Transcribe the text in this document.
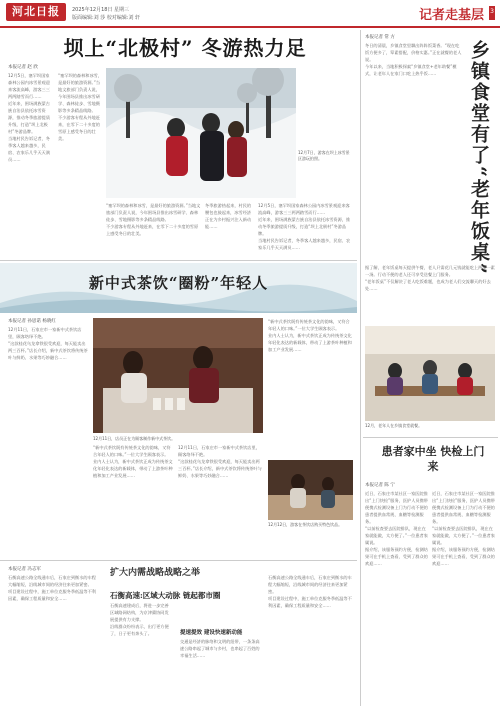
河北日报	2025年12月18日 星期三
版面编辑:刘 莎 校对编辑:刘 轩	记者走基层 3
坝上“北极村” 冬游热力足
本报记者 赵 欣
12月5日，塞罕坝国家森林公园内冰雪景观迎来客流高峰，游客三三两两踏雪而行……
近年来，围场满族蒙古族自治县依托冰雪资源，推动冬季旅游提质升级，打造“坝上北极村”冬游品牌。
当地村民告诉记者，冬季客人越来越多，民宿、农家乐几乎天天满员……
“塞罕坝的森林和冰雪，是最好的旅游资源。”当地文旅部门负责人说，今年围场县推出冰雪研学、森林徒步、雪地摄影等多条精品线路。
不少游客专程从外地赶来，在零下二十多度的雪原上感受冬日的壮美。
12月7日，游客在坝上冰雪景区游玩拍照。
“塞罕坝的森林和冰雪，是最好的旅游资源。”当地文旅部门负责人说，今年围场县推出冰雪研学、森林徒步、雪地摄影等多条精品线路。
不少游客专程从外地赶来，在零下二十多度的雪原上感受冬日的壮美。
冬季旅游热起来，村民的腰包也鼓起来，冰雪经济正在为乡村振兴注入新动能……
12月5日，塞罕坝国家森林公园内冰雪景观迎来客流高峰，游客三三两两踏雪而行……
近年来，围场满族蒙古族自治县依托冰雪资源，推动冬季旅游提质升级，打造“坝上北极村”冬游品牌。
当地村民告诉记者，冬季客人越来越多，民宿、农家乐几乎天天满员……
新中式茶饮“圈粉”年轻人
本报记者 孙思诺 杨晓红
12月11日，石家庄市一家新中式茶饮店里，顾客络绎不绝。
“这款桂花乌龙拿铁很受欢迎，每天能卖出两三百杯。”店长介绍，新中式茶饮将传统茶叶与鲜奶、水果等巧妙融合……
12月11日，店员正在为顾客制作新中式茶饮。
“新中式茶饮既有传统茶文化的韵味，又符合年轻人的口味。”一位大学生顾客表示。
业内人士认为，新中式茶饮正成为传统茶文化年轻化表达的新载体，带动了上游茶叶种植和加工产业发展……
12月11日，石家庄市一家新中式茶饮店里，顾客络绎不绝。
“这款桂花乌龙拿铁很受欢迎，每天能卖出两三百杯。”店长介绍，新中式茶饮将传统茶叶与鲜奶、水果等巧妙融合……
“新中式茶饮既有传统茶文化的韵味，又符合年轻人的口味。”一位大学生顾客表示。
业内人士认为，新中式茶饮正成为传统茶文化年轻化表达的新载体，带动了上游茶叶种植和加工产业发展……
12月12日，游客在茶饮店购买特色饮品。
扩大内需战略战略之举
石衡高速:区域大动脉 链起都市圈
提速提效 建设快速新动能
本报记者 冯志军
石衡高速公路全线通车后，石家庄到衡水的车程大幅缩短，沿线城市间的经济往来更加紧密。
项目建设过程中，施工单位克服冬季低温等不利因素，确保工程质量和安全……
石衡高速建成后，将进一步完善区域路网结构，为京津冀协同发展提供有力支撑。
沿线群众纷纷表示，出行更方便了，日子更有奔头了。
交通是经济的脉络和文明的纽带，一条条高速公路串起了城市与乡村，也串起了百姓的幸福生活……
石衡高速公路全线通车后，石家庄到衡水的车程大幅缩短，沿线城市间的经济往来更加紧密。
项目建设过程中，施工单位克服冬季低温等不利因素，确保工程质量和安全……
本报记者 常 方
冬日的清晨，乡镇食堂里飘出阵阵饭菜香。“现在吃饭方便多了，荤素搭配，价格实惠。”正在就餐的老人说。
今年以来，当地积极探索“乡镇食堂+老年助餐”模式，让老年人在家门口吃上热乎饭……	乡镇食堂有了“老年饭桌”
据了解，老年饭桌每天提供午餐，老人只需花几元钱就能吃上两荤一素一汤。行动不便的老人还可享受送餐上门服务。
“老年饭桌”不仅解决了老人吃饭难题，也成为老人们交流聊天的好去处……
12月，老年人在乡镇食堂就餐。
患者家中坐 快检上门来
本报记者 陈 宁
近日，石家庄市某社区一家医院推出“上门快检”服务，医护人员携带便携式检测设备上门为行动不便的患者提供血常规、血糖等检测服务。
“以前检查要去医院排队，现在在家就能做，太方便了。”一位患者家属说。
据介绍，该服务预约方便，检测结果可在手机上查看，受到了群众的欢迎……
近日，石家庄市某社区一家医院推出“上门快检”服务，医护人员携带便携式检测设备上门为行动不便的患者提供血常规、血糖等检测服务。
“以前检查要去医院排队，现在在家就能做，太方便了。”一位患者家属说。
据介绍，该服务预约方便，检测结果可在手机上查看，受到了群众的欢迎……
